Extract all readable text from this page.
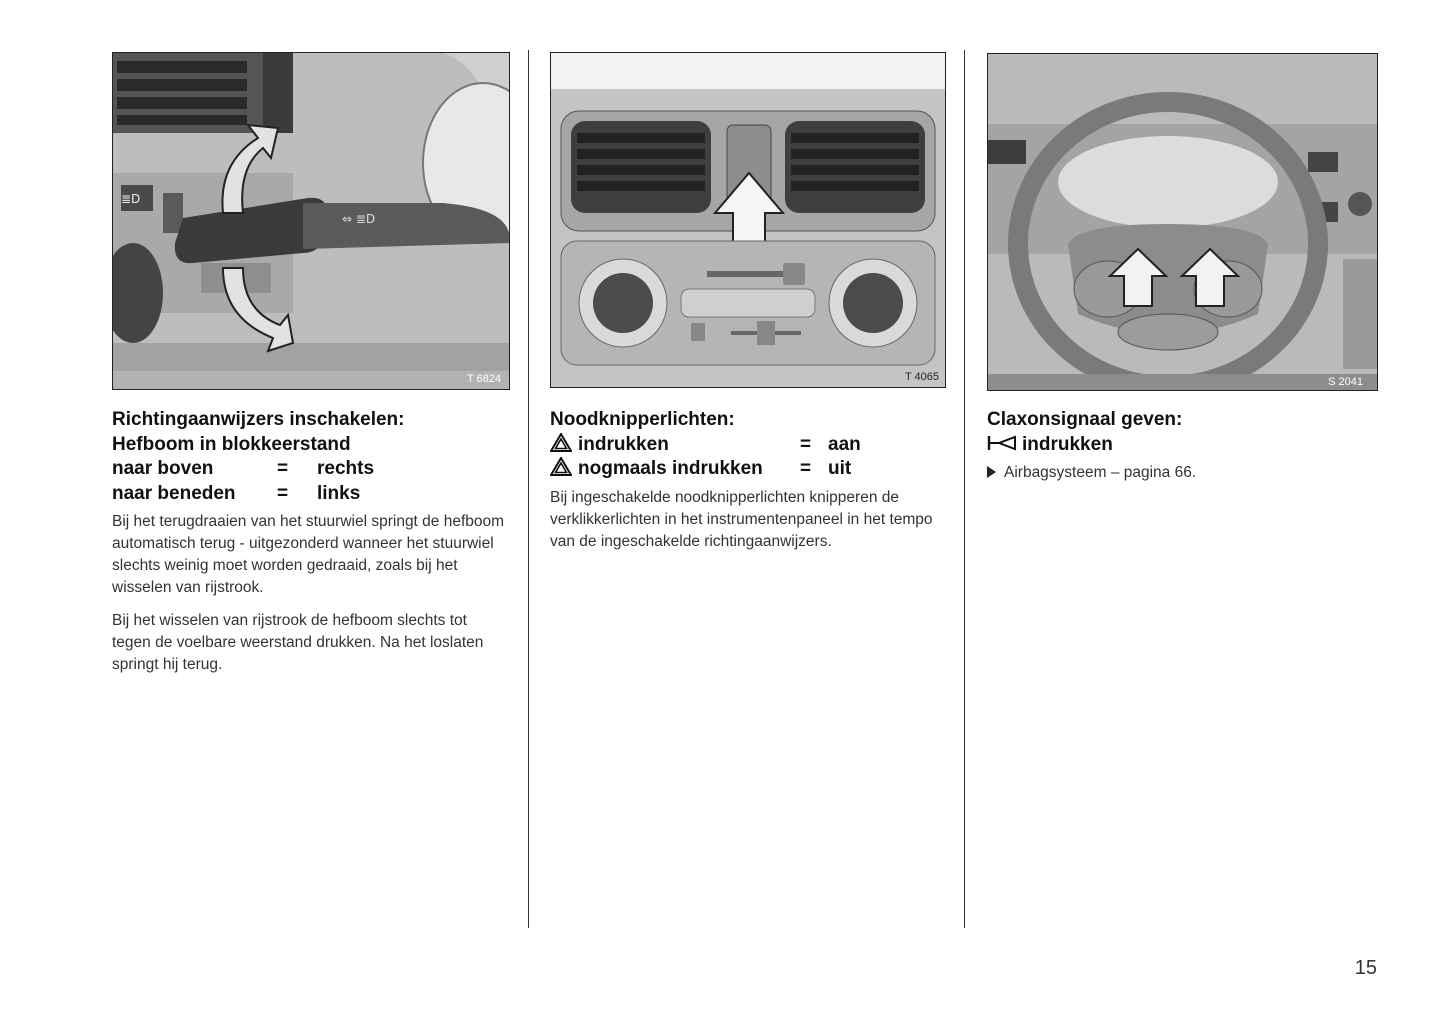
⇔ ≣D
≣D
T 6824	T 4065	S 2041
Richtingaanwijzers inschakelen:
Hefboom in blokkeerstand
naar boven	=	rechts
naar beneden	=	links

Bij het terugdraaien van het stuurwiel springt de hefboom automatisch terug - uitgezonderd wanneer het stuurwiel slechts weinig moet worden gedraaid, zoals bij het wisselen van rijstrook.

Bij het wisselen van rijstrook de hefboom slechts tot tegen de voelbare weerstand drukken. Na het loslaten springt hij terug.

Noodknipperlichten:
indrukken	= aan
nogmaals indrukken	= uit

Bij ingeschakelde noodknipperlichten knipperen de verklikkerlichten in het instrumentenpaneel in het tempo van de ingeschakelde richtingaanwijzers.

Claxonsignaal geven:
indrukken
Airbagsysteem – pagina 66.
15
